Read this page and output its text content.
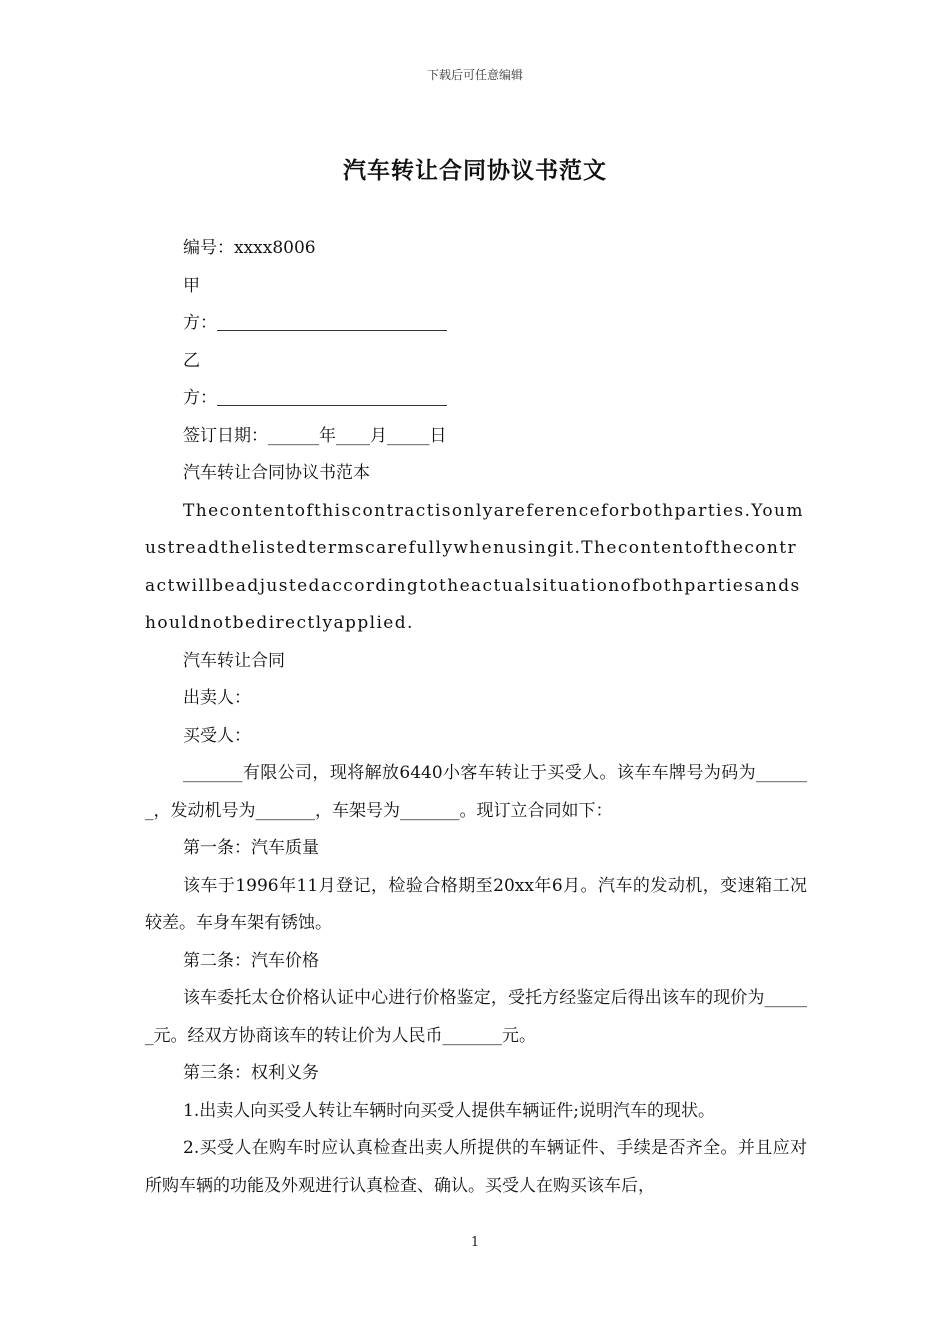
下载后可任意编辑
汽车转让合同协议书范文
编号：xxxx8006
甲
方：
乙
方：
签订日期：______年____月_____日
汽车转让合同协议书范本
Thecontentofthiscontractisonlyareferenceforbothparties.Youmustreadthelistedtermscarefullywhenusingit.Thecontentofthecontractwillbeadjustedaccordingtotheactualsituationofbothpartiesandshouldnotbedirectlyapplied.
汽车转让合同
出卖人：
买受人：
_______有限公司，现将解放6440小客车转让于买受人。该车车牌号为码为_______，发动机号为_______，车架号为_______。现订立合同如下：
第一条：汽车质量
该车于1996年11月登记，检验合格期至20xx年6月。汽车的发动机，变速箱工况较差。车身车架有锈蚀。
第二条：汽车价格
该车委托太仓价格认证中心进行价格鉴定，受托方经鉴定后得出该车的现价为______元。经双方协商该车的转让价为人民币_______元。
第三条：权利义务
1.出卖人向买受人转让车辆时向买受人提供车辆证件;说明汽车的现状。
2.买受人在购车时应认真检查出卖人所提供的车辆证件、手续是否齐全。并且应对所购车辆的功能及外观进行认真检查、确认。买受人在购买该车后，
1
